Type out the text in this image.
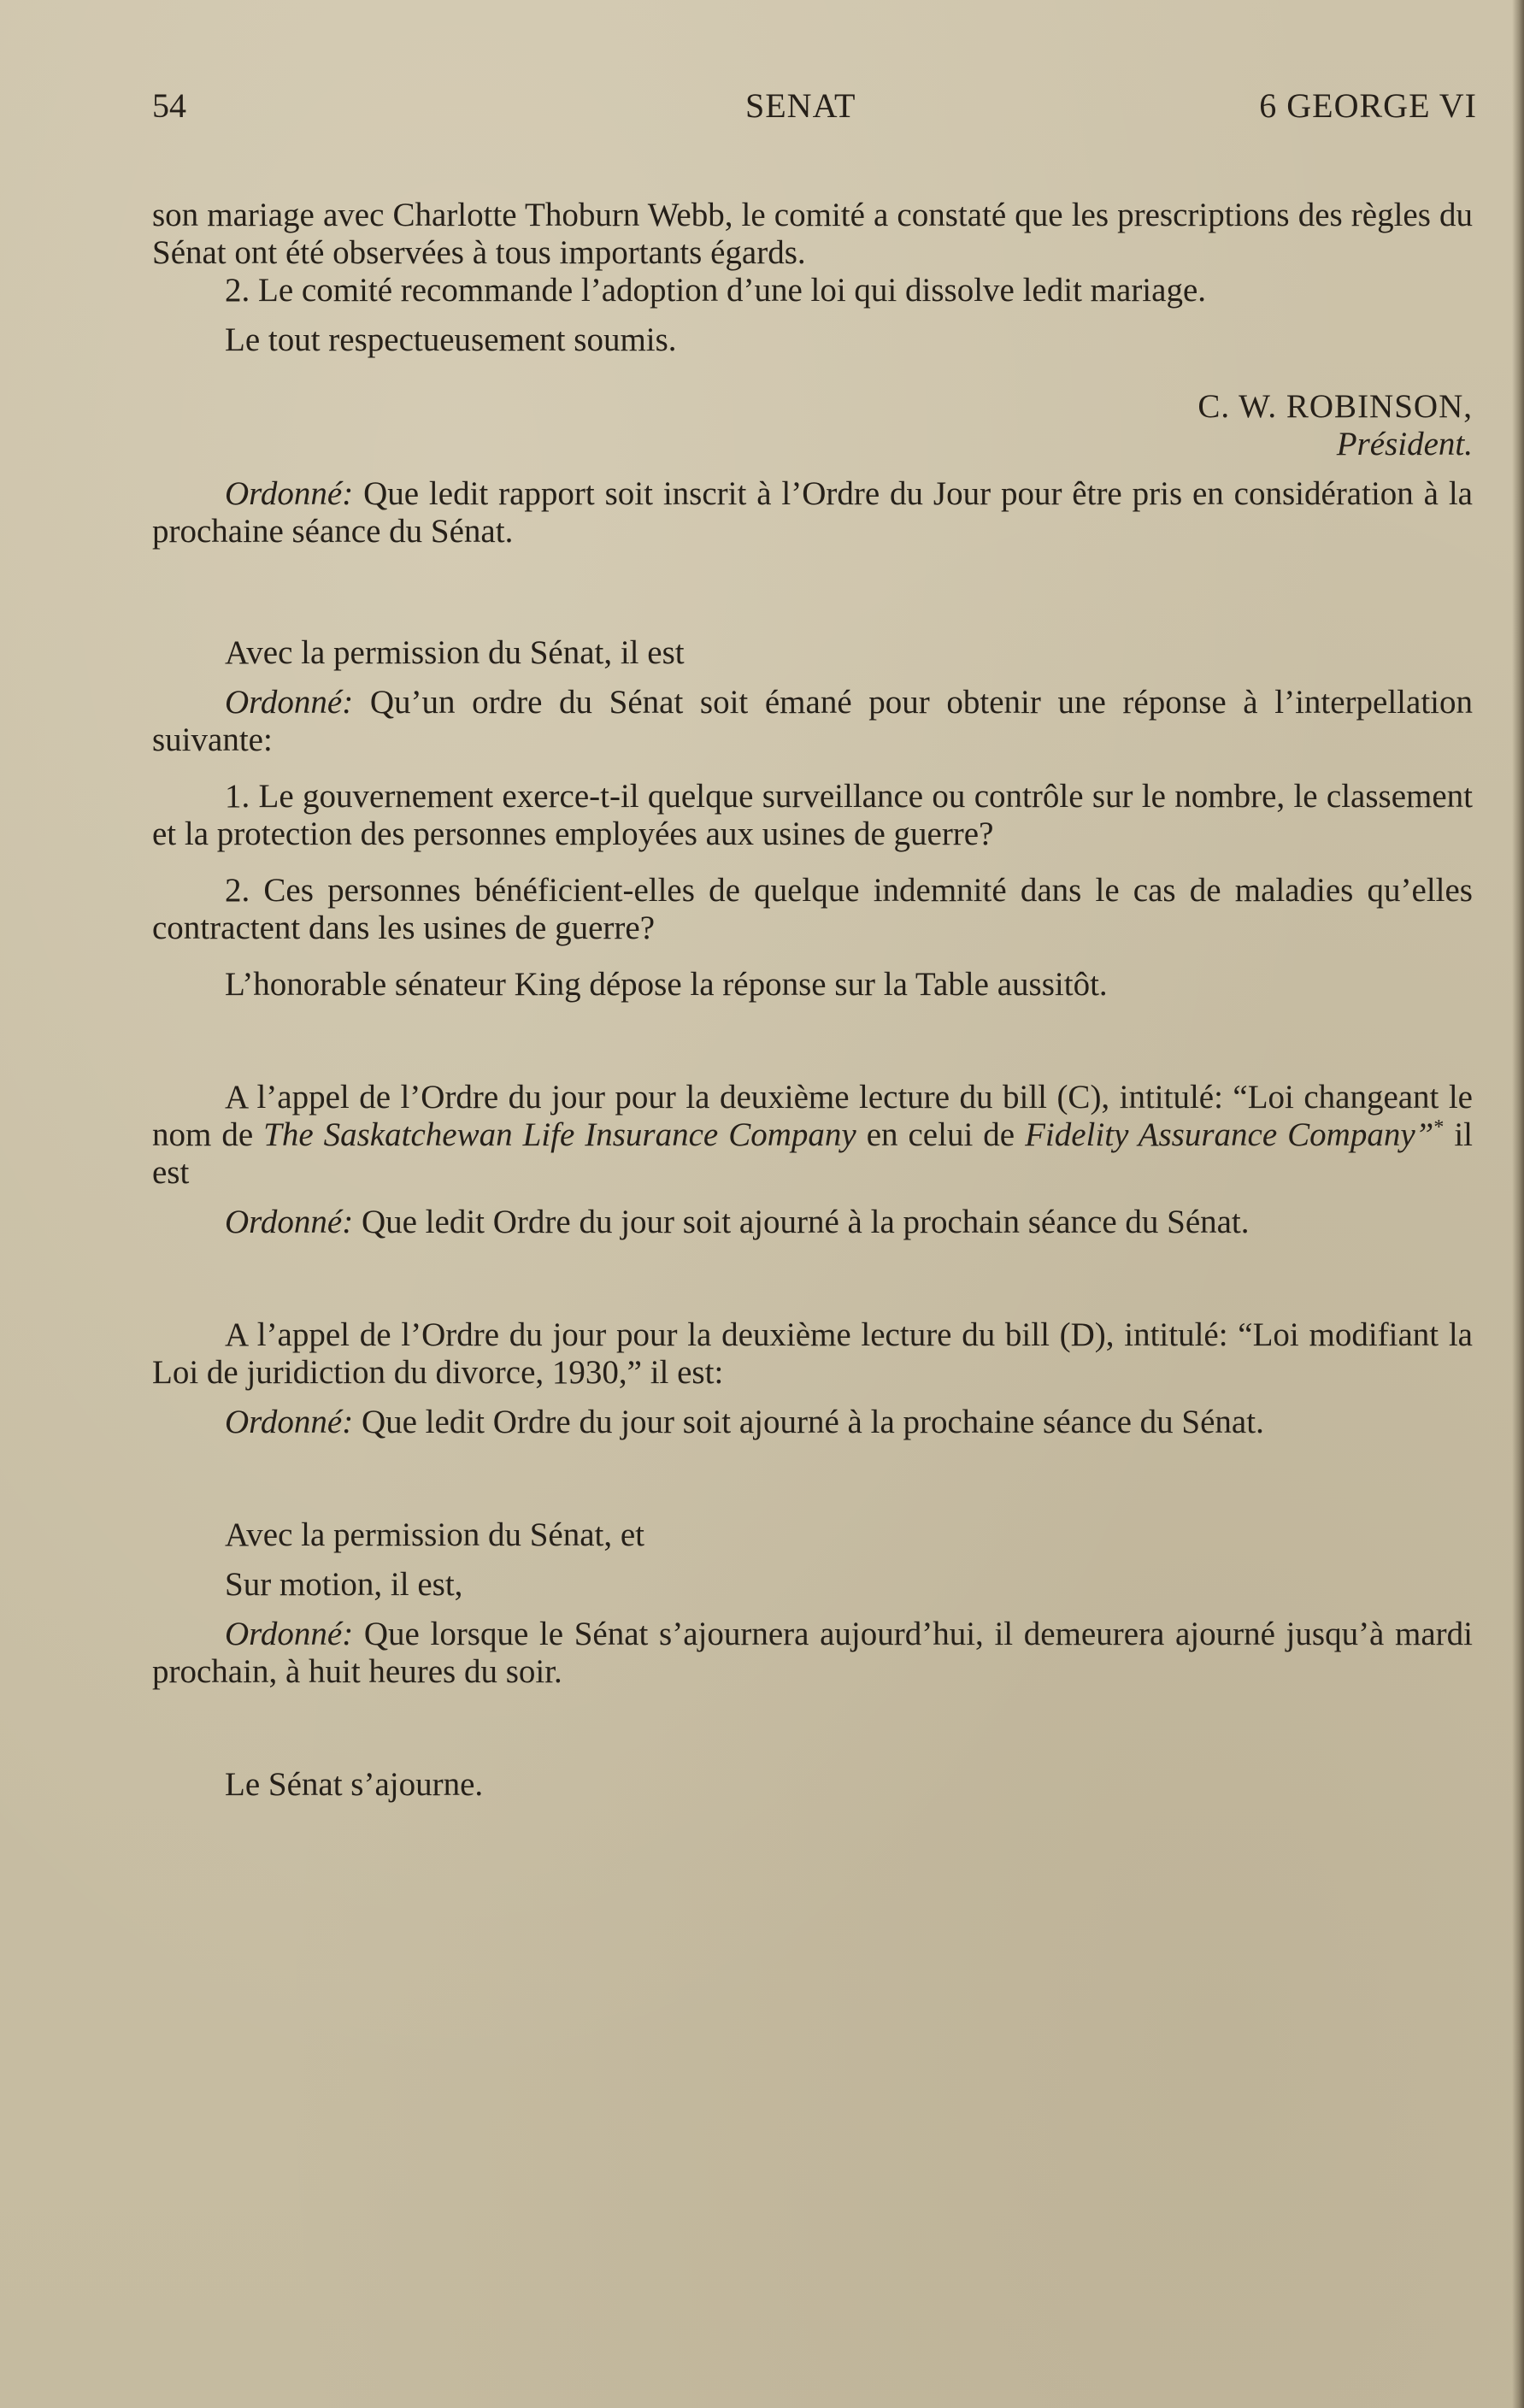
54	SENAT	6 GEORGE VI

son mariage avec Charlotte Thoburn Webb, le comité a constaté que les prescriptions des règles du Sénat ont été observées à tous importants égards.

2. Le comité recommande l’adoption d’une loi qui dissolve ledit mariage.

Le tout respectueusement soumis.

C. W. ROBINSON,

Président.

Ordonné: Que ledit rapport soit inscrit à l’Ordre du Jour pour être pris en considération à la prochaine séance du Sénat.

Avec la permission du Sénat, il est

Ordonné: Qu’un ordre du Sénat soit émané pour obtenir une réponse à l’interpellation suivante:

1. Le gouvernement exerce-t-il quelque surveillance ou contrôle sur le nombre, le classement et la protection des personnes employées aux usines de guerre?

2. Ces personnes bénéficient-elles de quelque indemnité dans le cas de maladies qu’elles contractent dans les usines de guerre?

L’honorable sénateur King dépose la réponse sur la Table aussitôt.

A l’appel de l’Ordre du jour pour la deuxième lecture du bill (C), intitulé: “Loi changeant le nom de The Saskatchewan Life Insurance Company en celui de Fidelity Assurance Company”* il est

Ordonné: Que ledit Ordre du jour soit ajourné à la prochain séance du Sénat.

A l’appel de l’Ordre du jour pour la deuxième lecture du bill (D), intitulé: “Loi modifiant la Loi de juridiction du divorce, 1930,” il est:

Ordonné: Que ledit Ordre du jour soit ajourné à la prochaine séance du Sénat.

Avec la permission du Sénat, et

Sur motion, il est,

Ordonné: Que lorsque le Sénat s’ajournera aujourd’hui, il demeurera ajourné jusqu’à mardi prochain, à huit heures du soir.

Le Sénat s’ajourne.
